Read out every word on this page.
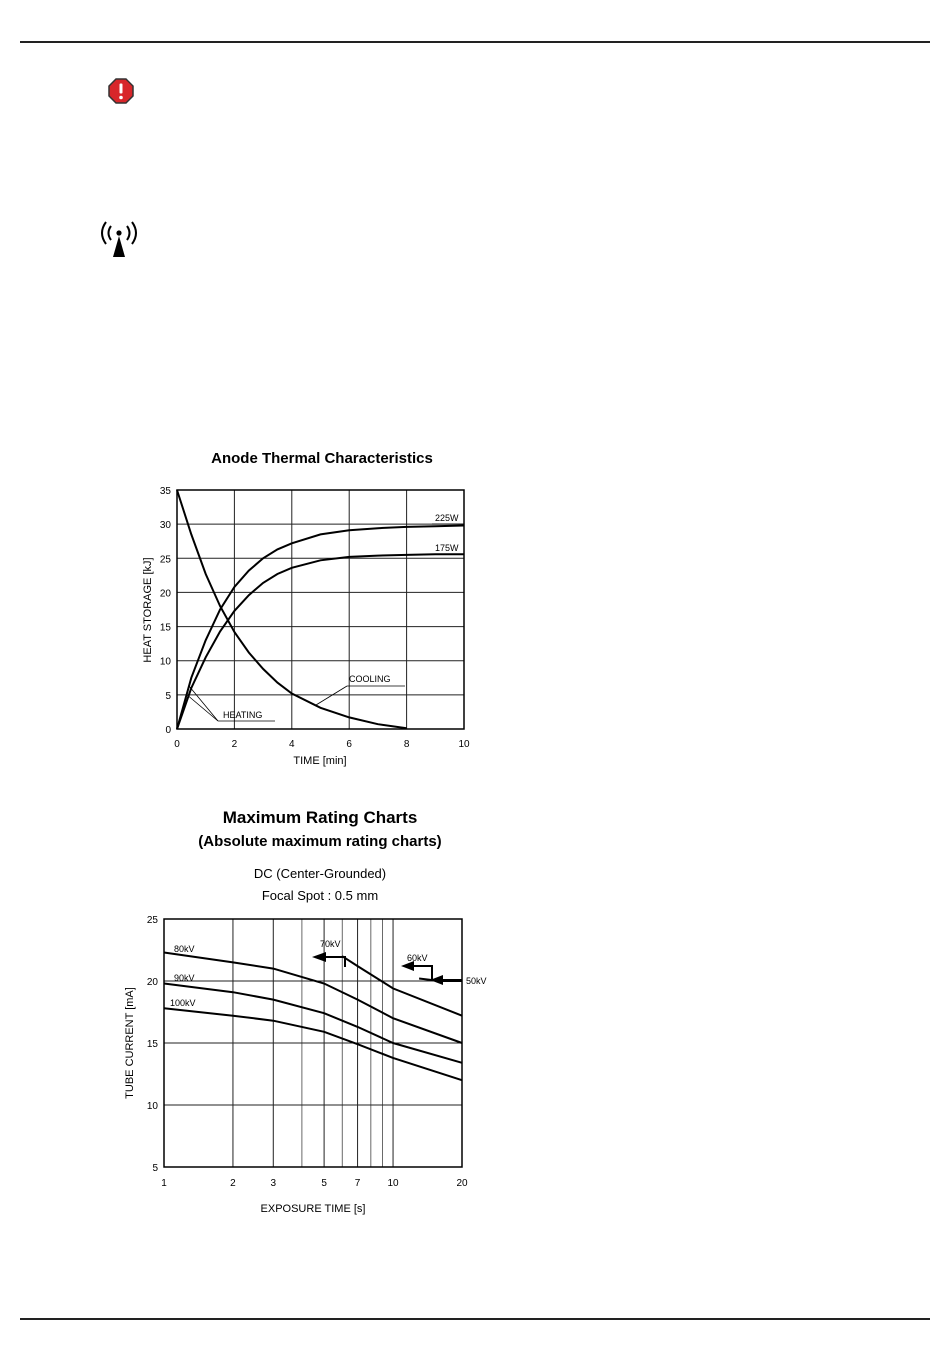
Anode Thermal Characteristics
Maximum Rating Charts
(Absolute maximum rating charts)
DC (Center-Grounded)
Focal Spot : 0.5 mm
0	2	4	6	8	10
0
5
10
15
20
25
30
35
TIME [min]
HEAT STORAGE [kJ]
225W
175W
COOLING
HEATING
1	2	3	5	7	10	20
5
10
15
20
25
EXPOSURE TIME [s]
TUBE CURRENT [mA]
80kV
90kV
100kV
70kV
60kV
50kV
